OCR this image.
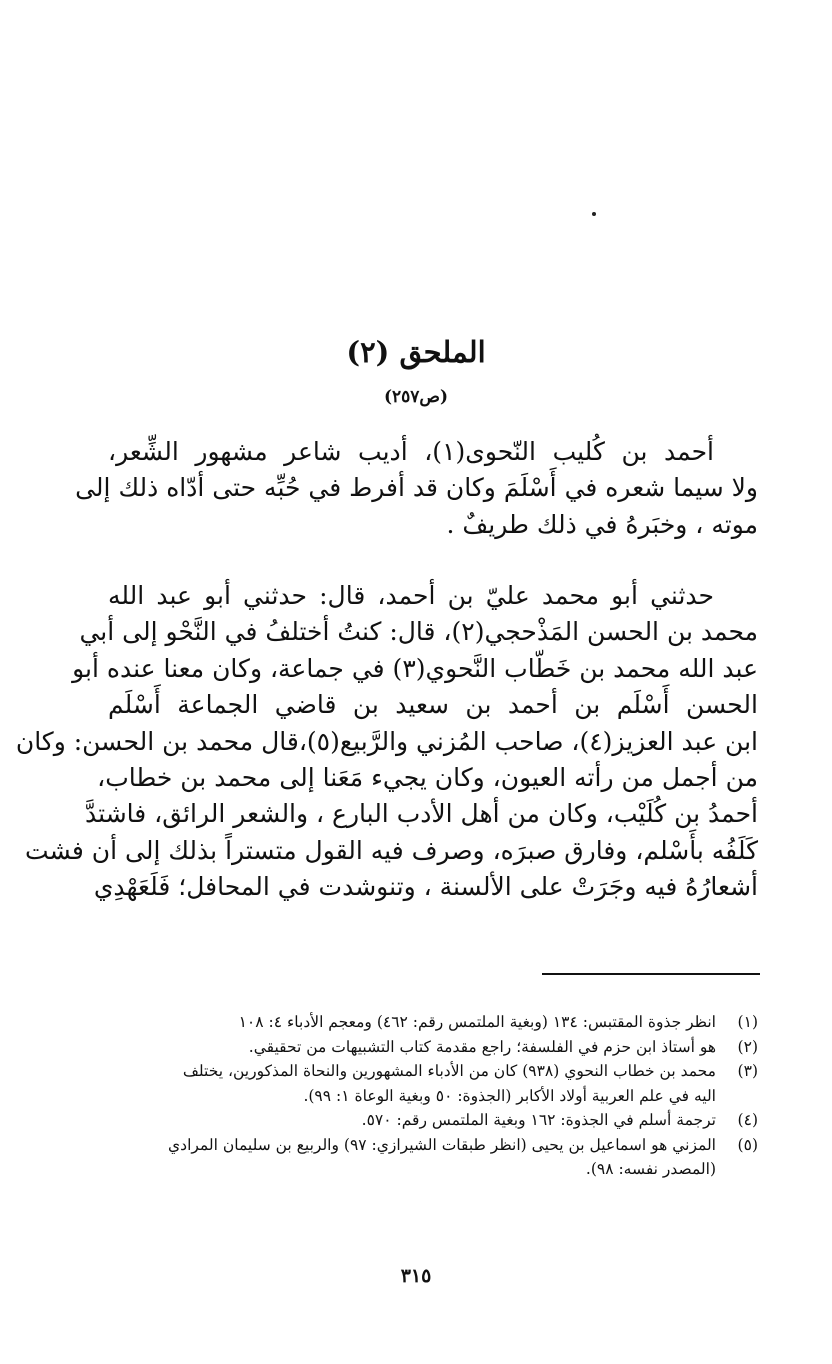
الملحق (٢)
(ص٢٥٧)
أحمد بن كُليب النّحوى(١)، أديب شاعر مشهور الشِّعر،
ولا سيما شعره في أَسْلَمَ وكان قد أفرط في حُبِّه حتى أدّاه ذلك إلى
موته ، وخبَرهُ في ذلك طريفٌ .
حدثني أبو محمد عليّ بن أحمد، قال: حدثني أبو عبد الله
محمد بن الحسن المَذْحجي(٢)، قال: كنتُ أختلفُ في النَّحْو إلى أبي
عبد الله محمد بن خَطّاب النَّحوي(٣) في جماعة، وكان معنا عنده أبو
الحسن أَسْلَم بن أحمد بن سعيد بن قاضي الجماعة أَسْلَم
ابن عبد العزيز(٤)، صاحب المُزني والرَّبيع(٥)،قال محمد بن الحسن: وكان
من أجمل من رأته العيون، وكان يجيء مَعَنا إلى محمد بن خطاب،
أحمدُ بن كُلَيْب، وكان من أهل الأدب البارع ، والشعر الرائق، فاشتدَّ
كَلَفُه بأَسْلم، وفارق صبرَه، وصرف فيه القول متستراً بذلك إلى أن فشت
أشعارُهُ فيه وجَرَتْ على الألسنة ، وتنوشدت في المحافل؛ فَلَعَهْدِي
(١)
انظر جذوة المقتبس: ١٣٤ (وبغية الملتمس رقم: ٤٦٢) ومعجم الأدباء ٤: ١٠٨
(٢)
هو أستاذ ابن حزم في الفلسفة؛ راجع مقدمة كتاب التشبيهات من تحقيقي.
(٣)
محمد بن خطاب النحوي (٩٣٨) كان من الأدباء المشهورين والنحاة المذكورين، يختلف
اليه في علم العربية أولاد الأكابر (الجذوة: ٥٠ وبغية الوعاة ١: ٩٩).
(٤)
ترجمة أسلم في الجذوة: ١٦٢ وبغية الملتمس رقم: ٥٧٠.
(٥)
المزني هو اسماعيل بن يحيى (انظر طبقات الشيرازي: ٩٧) والربيع بن سليمان المرادي
(المصدر نفسه: ٩٨).
٣١٥
